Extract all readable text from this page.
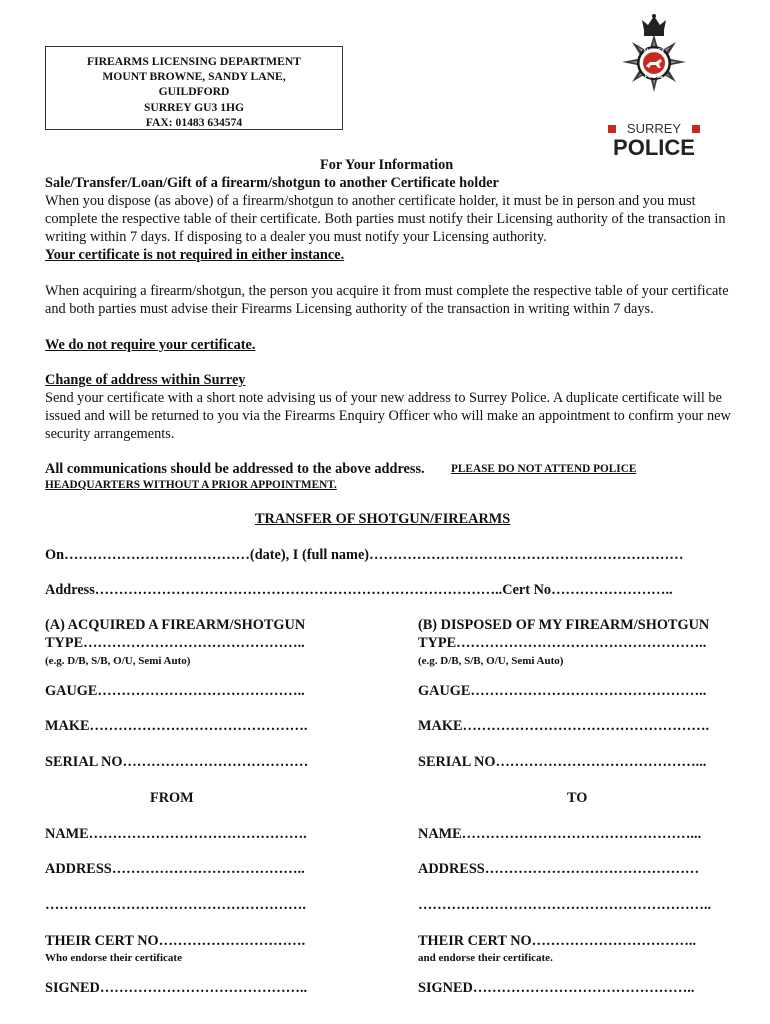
FIREARMS LICENSING DEPARTMENT
MOUNT BROWNE, SANDY LANE,
GUILDFORD
SURREY GU3 1HG
FAX: 01483 634574
SURREY
POLICE
SURREY
POLICE
For Your Information
Sale/Transfer/Loan/Gift of a firearm/shotgun to another Certificate holder
When you dispose (as above) of a firearm/shotgun to another certificate holder, it must be in person and you must complete the respective table of their certificate. Both parties must notify their Licensing authority of the transaction in writing within 7 days. If disposing to a dealer you must notify your Licensing authority.
Your certificate is not required in either instance.
When acquiring a firearm/shotgun, the person you acquire it from must complete the respective table of your certificate and both parties must advise their Firearms Licensing authority of the transaction in writing within 7 days.
We do not require your certificate.
Change of address within Surrey
Send your certificate with a short note advising us of your new address to Surrey Police. A duplicate certificate will be issued and will be returned to you via the Firearms Enquiry Officer who will make an appointment to confirm your new security arrangements.
All communications should be addressed to the above address.	PLEASE DO NOT ATTEND POLICE HEADQUARTERS WITHOUT A PRIOR APPOINTMENT.
TRANSFER OF SHOTGUN/FIREARMS
On…………………………………(date), I (full name)…………………………………………………………
Address…………………………………………………………………………..Cert No……………………..
(A) ACQUIRED A FIREARM/SHOTGUN
TYPE………………………………………..
(e.g. D/B, S/B, O/U, Semi Auto)
GAUGE……………………………………..
MAKE……………………………………….
SERIAL NO…………………………………
FROM
NAME……………………………………….
ADDRESS…………………………………..
……………………………………………….
THEIR CERT NO………………………….
Who endorse their certificate
SIGNED……………………………………..
(B) DISPOSED OF MY FIREARM/SHOTGUN
TYPE……………………………………………..
(e.g. D/B, S/B, O/U, Semi Auto)
GAUGE…………………………………………..
MAKE…………………………………………….
SERIAL NO……………………………………...
TO
NAME…………………………………………...
ADDRESS………………………………………
……………………………………………………..
THEIR CERT NO……………………………..
and endorse their certificate.
SIGNED………………………………………..
